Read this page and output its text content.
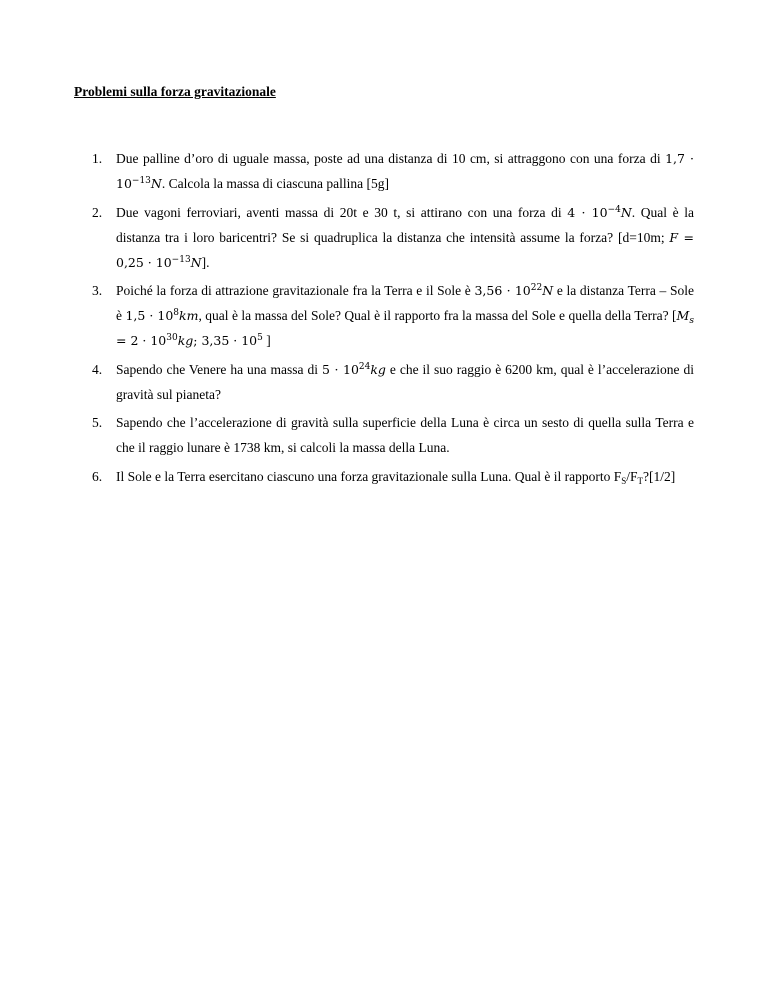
Problemi sulla forza gravitazionale
1. Due palline d’oro di uguale massa, poste ad una distanza di 10 cm, si attraggono con una forza di $1,7 \cdot 10^{-13}N$. Calcola la massa di ciascuna pallina [5g]
2. Due vagoni ferroviari, aventi massa di 20t e 30 t, si attirano con una forza di $4 \cdot 10^{-4}N$. Qual è la distanza tra i loro baricentri? Se si quadruplica la distanza che intensità assume la forza? [d=10m; $F = 0,25 \cdot 10^{-13}N$].
3. Poiché la forza di attrazione gravitazionale fra la Terra e il Sole è $3,56 \cdot 10^{22}N$ e la distanza Terra – Sole è $1,5 \cdot 10^8km$, qual è la massa del Sole? Qual è il rapporto fra la massa del Sole e quella della Terra? [$M_s = 2 \cdot 10^{30}kg$; $3,35 \cdot 10^5$ ]
4. Sapendo che Venere ha una massa di $5 \cdot 10^{24}kg$ e che il suo raggio è 6200 km, qual è l’accelerazione di gravità sul pianeta?
5. Sapendo che l’accelerazione di gravità sulla superficie della Luna è circa un sesto di quella sulla Terra e che il raggio lunare è 1738 km, si calcoli la massa della Luna.
6. Il Sole e la Terra esercitano ciascuno una forza gravitazionale sulla Luna. Qual è il rapporto $F_S/F_T?[1/2]$
